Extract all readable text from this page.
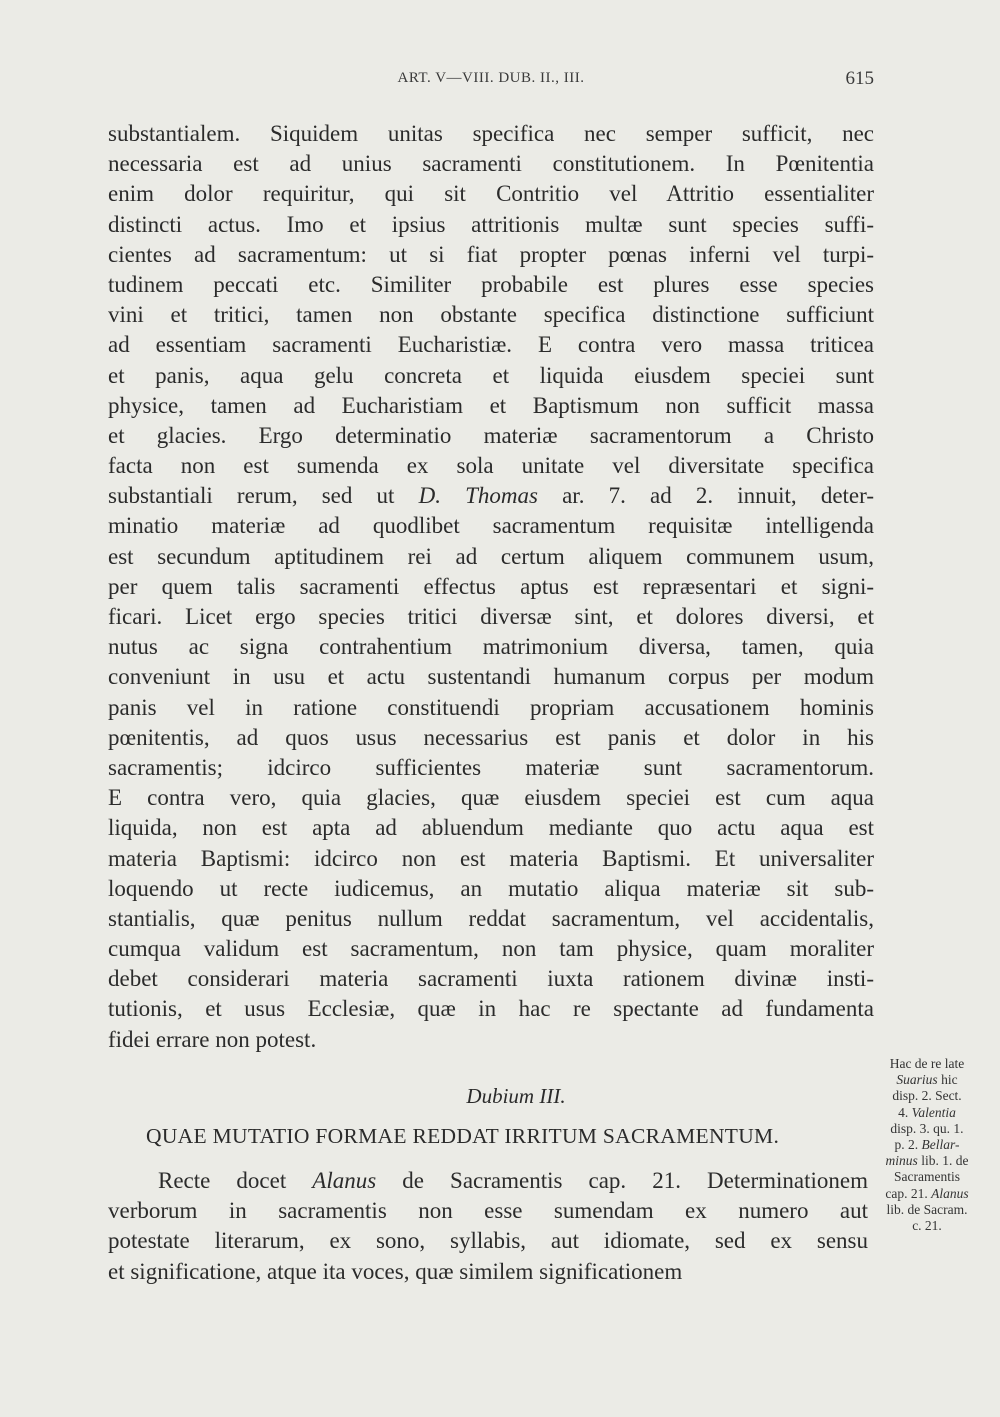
ART. V—VIII. DUB. II., III.	615
substantialem. Siquidem unitas specifica nec semper sufficit, nec
necessaria est ad unius sacramenti constitutionem. In Pœnitentia
enim dolor requiritur, qui sit Contritio vel Attritio essentialiter
distincti actus. Imo et ipsius attritionis multæ sunt species suffi-
cientes ad sacramentum: ut si fiat propter pœnas inferni vel turpi-
tudinem peccati etc. Similiter probabile est plures esse species
vini et tritici, tamen non obstante specifica distinctione sufficiunt
ad essentiam sacramenti Eucharistiæ. E contra vero massa triticea
et panis, aqua gelu concreta et liquida eiusdem speciei sunt
physice, tamen ad Eucharistiam et Baptismum non sufficit massa
et glacies. Ergo determinatio materiæ sacramentorum a Christo
facta non est sumenda ex sola unitate vel diversitate specifica
substantiali rerum, sed ut D. Thomas ar. 7. ad 2. innuit, deter-
minatio materiæ ad quodlibet sacramentum requisitæ intelligenda
est secundum aptitudinem rei ad certum aliquem communem usum,
per quem talis sacramenti effectus aptus est repræsentari et signi-
ficari. Licet ergo species tritici diversæ sint, et dolores diversi, et
nutus ac signa contrahentium matrimonium diversa, tamen, quia
conveniunt in usu et actu sustentandi humanum corpus per modum
panis vel in ratione constituendi propriam accusationem hominis
pœnitentis, ad quos usus necessarius est panis et dolor in his
sacramentis; idcirco sufficientes materiæ sunt sacramentorum.
E contra vero, quia glacies, quæ eiusdem speciei est cum aqua
liquida, non est apta ad abluendum mediante quo actu aqua est
materia Baptismi: idcirco non est materia Baptismi. Et universaliter
loquendo ut recte iudicemus, an mutatio aliqua materiæ sit sub-
stantialis, quæ penitus nullum reddat sacramentum, vel accidentalis,
cumqua validum est sacramentum, non tam physice, quam moraliter
debet considerari materia sacramenti iuxta rationem divinæ insti-
tutionis, et usus Ecclesiæ, quæ in hac re spectante ad fundamenta
fidei errare non potest.
Dubium III.
QUAE MUTATIO FORMAE REDDAT IRRITUM SACRAMENTUM.
Recte docet Alanus de Sacramentis cap. 21. Determinationem
verborum in sacramentis non esse sumendam ex numero aut
potestate literarum, ex sono, syllabis, aut idiomate, sed ex sensu
et significatione, atque ita voces, quæ similem significationem
Hac de re late
Suarius hic
disp. 2. Sect.
4. Valentia
disp. 3. qu. 1.
p. 2. Bellar-
minus lib. 1. de
Sacramentis
cap. 21. Alanus
lib. de Sacram.
c. 21.
